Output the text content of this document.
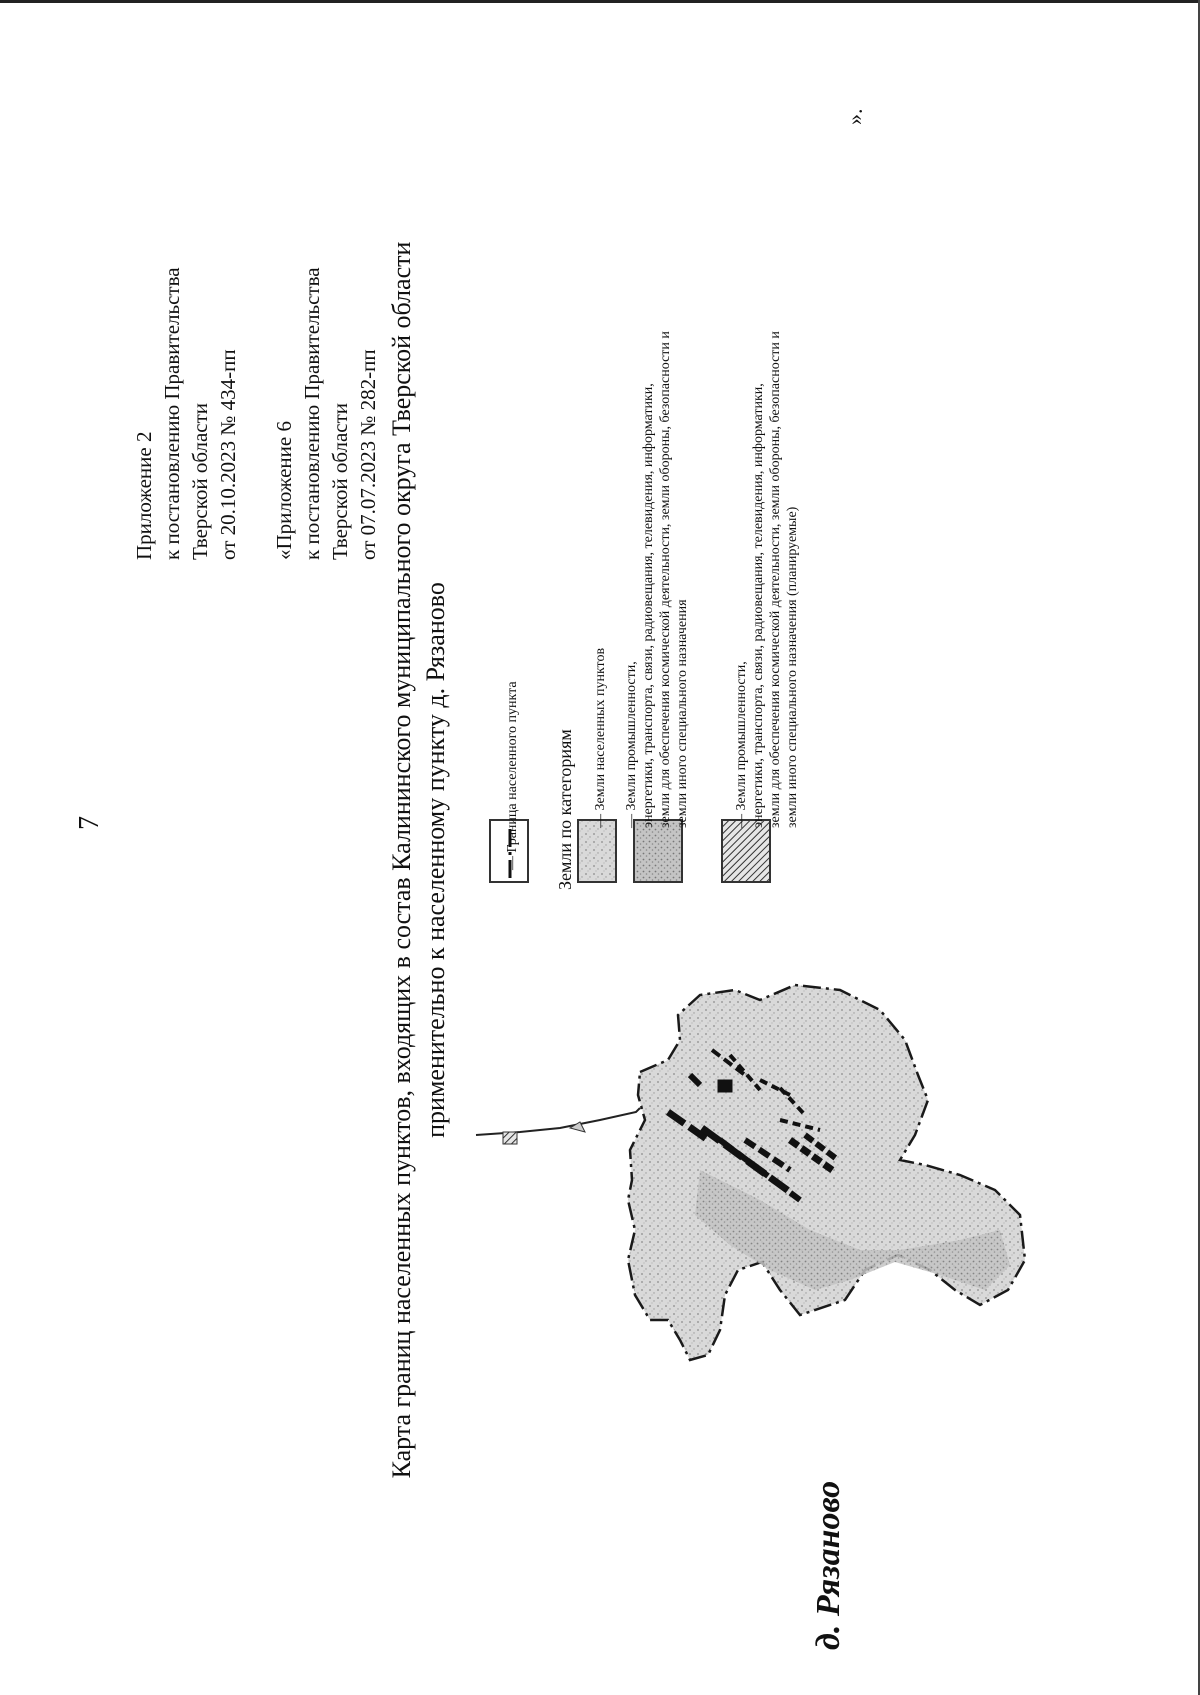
7
Приложение 2 к постановлению Правительства Тверской области от 20.10.2023 № 434-пп «Приложение 6 к постановлению Правительства Тверской области от 07.07.2023 № 282-пп Карта границ населенных пунктов, входящих в состав Калининского муниципального округа Тверской области применительно к населенному пункту д. Рязаново	— Граница населенного пункта Земли по категориям — Земли населенных пунктов — Земли промышленности, энергетики, транспорта, связи, радиовещания, телевидения, информатики, земли для обеспечения космической деятельности, земли обороны, безопасности и земли иного специального назначения	— Земли промышленности, энергетики, транспорта, связи, радиовещания, телевидения, информатики, земли для обеспечения космической деятельности, земли обороны, безопасности и земли иного специального назначения (планируемые)
».
д. Рязаново
